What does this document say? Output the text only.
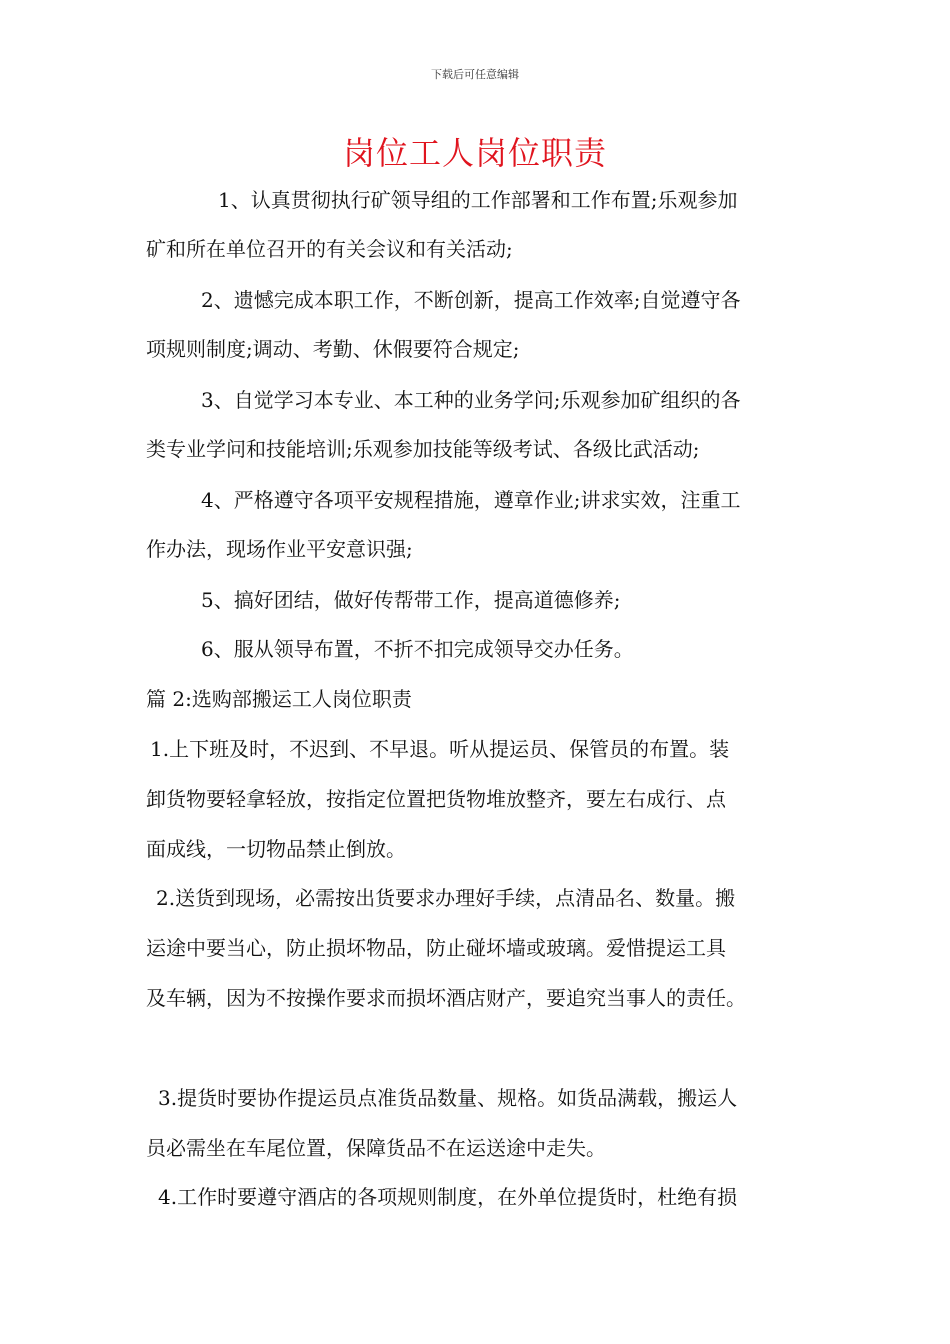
下载后可任意编辑
岗位工人岗位职责
1、认真贯彻执行矿领导组的工作部署和工作布置;乐观参加
矿和所在单位召开的有关会议和有关活动;
2、遗憾完成本职工作，不断创新，提高工作效率;自觉遵守各
项规则制度;调动、考勤、休假要符合规定;
3、自觉学习本专业、本工种的业务学问;乐观参加矿组织的各
类专业学问和技能培训;乐观参加技能等级考试、各级比武活动;
4、严格遵守各项平安规程措施，遵章作业;讲求实效，注重工
作办法，现场作业平安意识强;
5、搞好团结，做好传帮带工作，提高道德修养;
6、服从领导布置，不折不扣完成领导交办任务。
篇 2:选购部搬运工人岗位职责
1.上下班及时，不迟到、不早退。听从提运员、保管员的布置。装
卸货物要轻拿轻放，按指定位置把货物堆放整齐，要左右成行、点
面成线，一切物品禁止倒放。
2.送货到现场，必需按出货要求办理好手续，点清品名、数量。搬
运途中要当心，防止损坏物品，防止碰坏墙或玻璃。爱惜提运工具
及车辆，因为不按操作要求而损坏酒店财产，要追究当事人的责任。
3.提货时要协作提运员点准货品数量、规格。如货品满载，搬运人
员必需坐在车尾位置，保障货品不在运送途中走失。
4.工作时要遵守酒店的各项规则制度，在外单位提货时，杜绝有损
